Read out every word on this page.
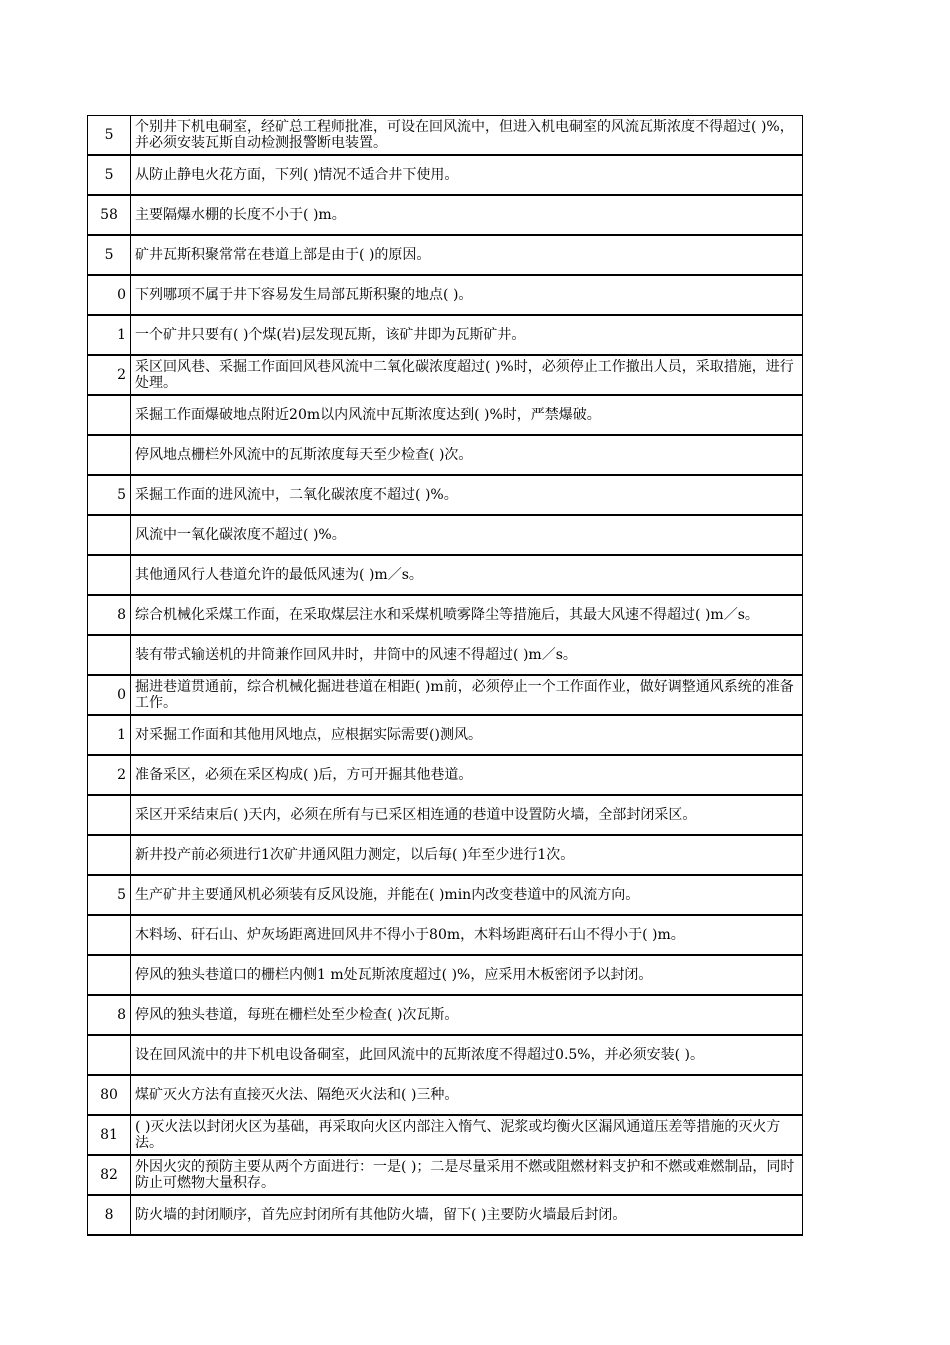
5	个别井下机电硐室，经矿总工程师批准，可设在回风流中，但进入机电硐室的风流瓦斯浓度不得超过( )%，并必须安装瓦斯自动检测报警断电装置。

5	从防止静电火花方面，下列( )情况不适合井下使用。

58	主要隔爆水棚的长度不小于( )m。

5	矿井瓦斯积聚常常在巷道上部是由于( )的原因。

0	下列哪项不属于井下容易发生局部瓦斯积聚的地点( )。

1	一个矿井只要有( )个煤(岩)层发现瓦斯，该矿井即为瓦斯矿井。

2	采区回风巷、采掘工作面回风巷风流中二氧化碳浓度超过( )%时，必须停止工作撤出人员，采取措施，进行处理。

	采掘工作面爆破地点附近20m以内风流中瓦斯浓度达到( )%时，严禁爆破。

	停风地点栅栏外风流中的瓦斯浓度每天至少检查( )次。

5	采掘工作面的进风流中，二氧化碳浓度不超过( )%。

	风流中一氧化碳浓度不超过( )%。

	其他通风行人巷道允许的最低风速为( )m／s。

8	综合机械化采煤工作面，在采取煤层注水和采煤机喷雾降尘等措施后，其最大风速不得超过( )m／s。

	装有带式输送机的井筒兼作回风井时，井筒中的风速不得超过( )m／s。

0	掘进巷道贯通前，综合机械化掘进巷道在相距( )m前，必须停止一个工作面作业，做好调整通风系统的准备工作。

1	对采掘工作面和其他用风地点，应根据实际需要()测风。

2	准备采区，必须在采区构成( )后，方可开掘其他巷道。

	采区开采结束后( )天内，必须在所有与已采区相连通的巷道中设置防火墙，全部封闭采区。

	新井投产前必须进行1次矿井通风阻力测定，以后每( )年至少进行1次。

5	生产矿井主要通风机必须装有反风设施，并能在( )min内改变巷道中的风流方向。

	木料场、矸石山、炉灰场距离进回风井不得小于80m，木料场距离矸石山不得小于( )m。

	停风的独头巷道口的栅栏内侧1 m处瓦斯浓度超过( )%，应采用木板密闭予以封闭。

8	停风的独头巷道，每班在栅栏处至少检查( )次瓦斯。

	设在回风流中的井下机电设备硐室，此回风流中的瓦斯浓度不得超过0.5%，并必须安装( )。

80	煤矿灭火方法有直接灭火法、隔绝灭火法和( )三种。

81	( )灭火法以封闭火区为基础，再采取向火区内部注入惰气、泥浆或均衡火区漏风通道压差等措施的灭火方法。

82	外因火灾的预防主要从两个方面进行：一是( )；二是尽量采用不燃或阻燃材料支护和不燃或难燃制品，同时防止可燃物大量积存。

8	防火墙的封闭顺序，首先应封闭所有其他防火墙，留下( )主要防火墙最后封闭。
